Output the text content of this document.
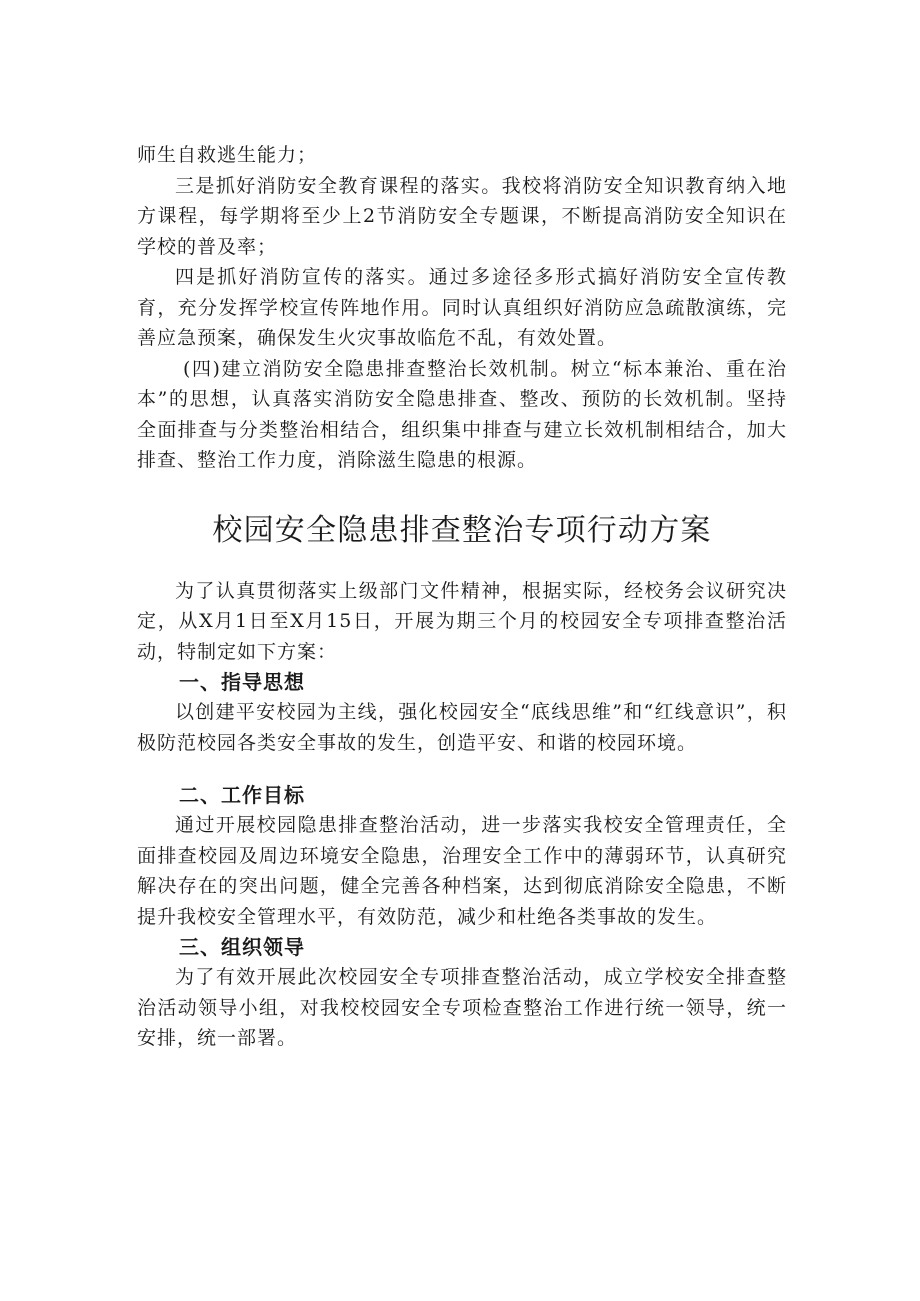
师生自救逃生能力；

三是抓好消防安全教育课程的落实。我校将消防安全知识教育纳入地方课程，每学期将至少上2节消防安全专题课，不断提高消防安全知识在学校的普及率；

四是抓好消防宣传的落实。通过多途径多形式搞好消防安全宣传教育，充分发挥学校宣传阵地作用。同时认真组织好消防应急疏散演练，完善应急预案，确保发生火灾事故临危不乱，有效处置。

(四)建立消防安全隐患排查整治长效机制。树立“标本兼治、重在治本”的思想，认真落实消防安全隐患排查、整改、预防的长效机制。坚持全面排查与分类整治相结合，组织集中排查与建立长效机制相结合，加大排查、整治工作力度，消除滋生隐患的根源。

校园安全隐患排查整治专项行动方案

为了认真贯彻落实上级部门文件精神，根据实际，经校务会议研究决定，从X月1日至X月15日，开展为期三个月的校园安全专项排查整治活动，特制定如下方案：

一、指导思想

以创建平安校园为主线，强化校园安全“底线思维”和“红线意识”，积极防范校园各类安全事故的发生，创造平安、和谐的校园环境。

二、工作目标

通过开展校园隐患排查整治活动，进一步落实我校安全管理责任，全面排查校园及周边环境安全隐患，治理安全工作中的薄弱环节，认真研究解决存在的突出问题，健全完善各种档案，达到彻底消除安全隐患，不断提升我校安全管理水平，有效防范，减少和杜绝各类事故的发生。

三、组织领导

为了有效开展此次校园安全专项排查整治活动，成立学校安全排查整治活动领导小组，对我校校园安全专项检查整治工作进行统一领导，统一安排，统一部署。
